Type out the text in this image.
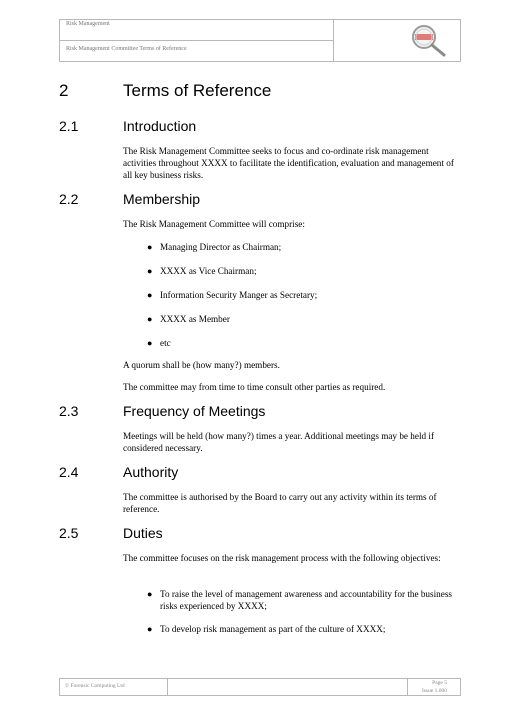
Risk Management
Risk Management Committee Terms of Reference
2	Terms of Reference
2.1	Introduction

The Risk Management Committee seeks to focus and co-ordinate risk management activities throughout XXXX to facilitate the identification, evaluation and management of all key business risks.

2.2	Membership

The Risk Management Committee will comprise:

● Managing Director as Chairman;
● XXXX as Vice Chairman;
● Information Security Manger as Secretary;
● XXXX as Member
● etc

A quorum shall be (how many?) members.

The committee may from time to time consult other parties as required.

2.3	Frequency of Meetings

Meetings will be held (how many?) times a year. Additional meetings may be held if considered necessary.

2.4	Authority

The committee is authorised by the Board to carry out any activity within its terms of reference.

2.5	Duties

The committee focuses on the risk management process with the following objectives:

● To raise the level of management awareness and accountability for the business risks experienced by XXXX;
● To develop risk management as part of the culture of XXXX;
© Forensic Computing Ltd	Page 5
Issue 1.000
